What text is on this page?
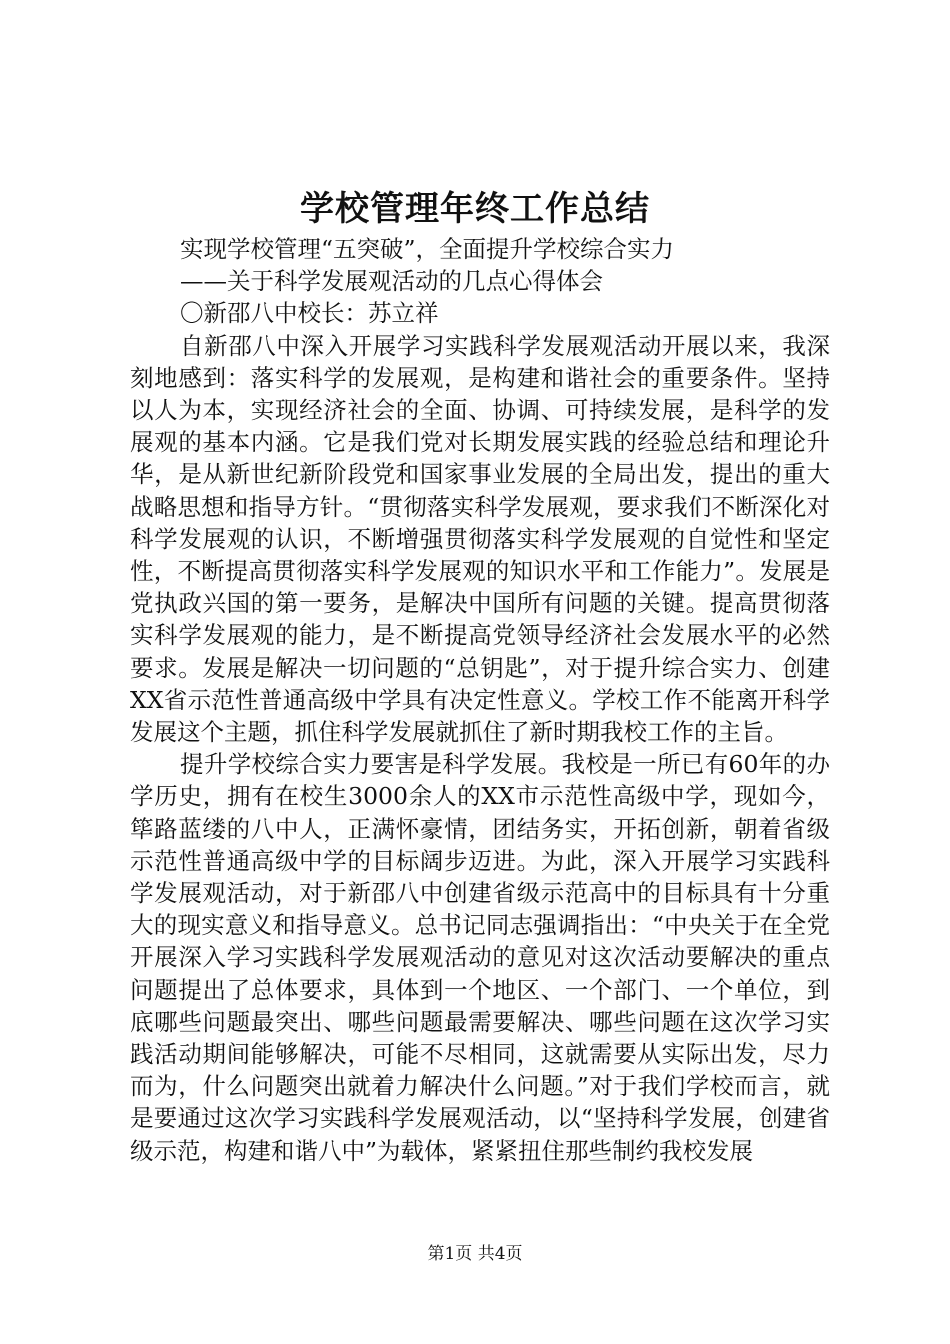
学校管理年终工作总结

实现学校管理“五突破”，全面提升学校综合实力

——关于科学发展观活动的几点心得体会

〇新邵八中校长：苏立祥

自新邵八中深入开展学习实践科学发展观活动开展以来，我深刻地感到：落实科学的发展观，是构建和谐社会的重要条件。坚持以人为本，实现经济社会的全面、协调、可持续发展，是科学的发展观的基本内涵。它是我们党对长期发展实践的经验总结和理论升华，是从新世纪新阶段党和国家事业发展的全局出发，提出的重大战略思想和指导方针。“贯彻落实科学发展观，要求我们不断深化对科学发展观的认识，不断增强贯彻落实科学发展观的自觉性和坚定性，不断提高贯彻落实科学发展观的知识水平和工作能力”。发展是党执政兴国的第一要务，是解决中国所有问题的关键。提高贯彻落实科学发展观的能力，是不断提高党领导经济社会发展水平的必然要求。发展是解决一切问题的“总钥匙”，对于提升综合实力、创建XX省示范性普通高级中学具有决定性意义。学校工作不能离开科学发展这个主题，抓住科学发展就抓住了新时期我校工作的主旨。

提升学校综合实力要害是科学发展。我校是一所已有60年的办学历史，拥有在校生3000余人的XX市示范性高级中学，现如今，筚路蓝缕的八中人，正满怀豪情，团结务实，开拓创新，朝着省级示范性普通高级中学的目标阔步迈进。为此，深入开展学习实践科学发展观活动，对于新邵八中创建省级示范高中的目标具有十分重大的现实意义和指导意义。总书记同志强调指出：“中央关于在全党开展深入学习实践科学发展观活动的意见对这次活动要解决的重点问题提出了总体要求，具体到一个地区、一个部门、一个单位，到底哪些问题最突出、哪些问题最需要解决、哪些问题在这次学习实践活动期间能够解决，可能不尽相同，这就需要从实际出发，尽力而为，什么问题突出就着力解决什么问题。”对于我们学校而言，就是要通过这次学习实践科学发展观活动，以“坚持科学发展，创建省级示范，构建和谐八中”为载体，紧紧扭住那些制约我校发展

第1页 共4页
